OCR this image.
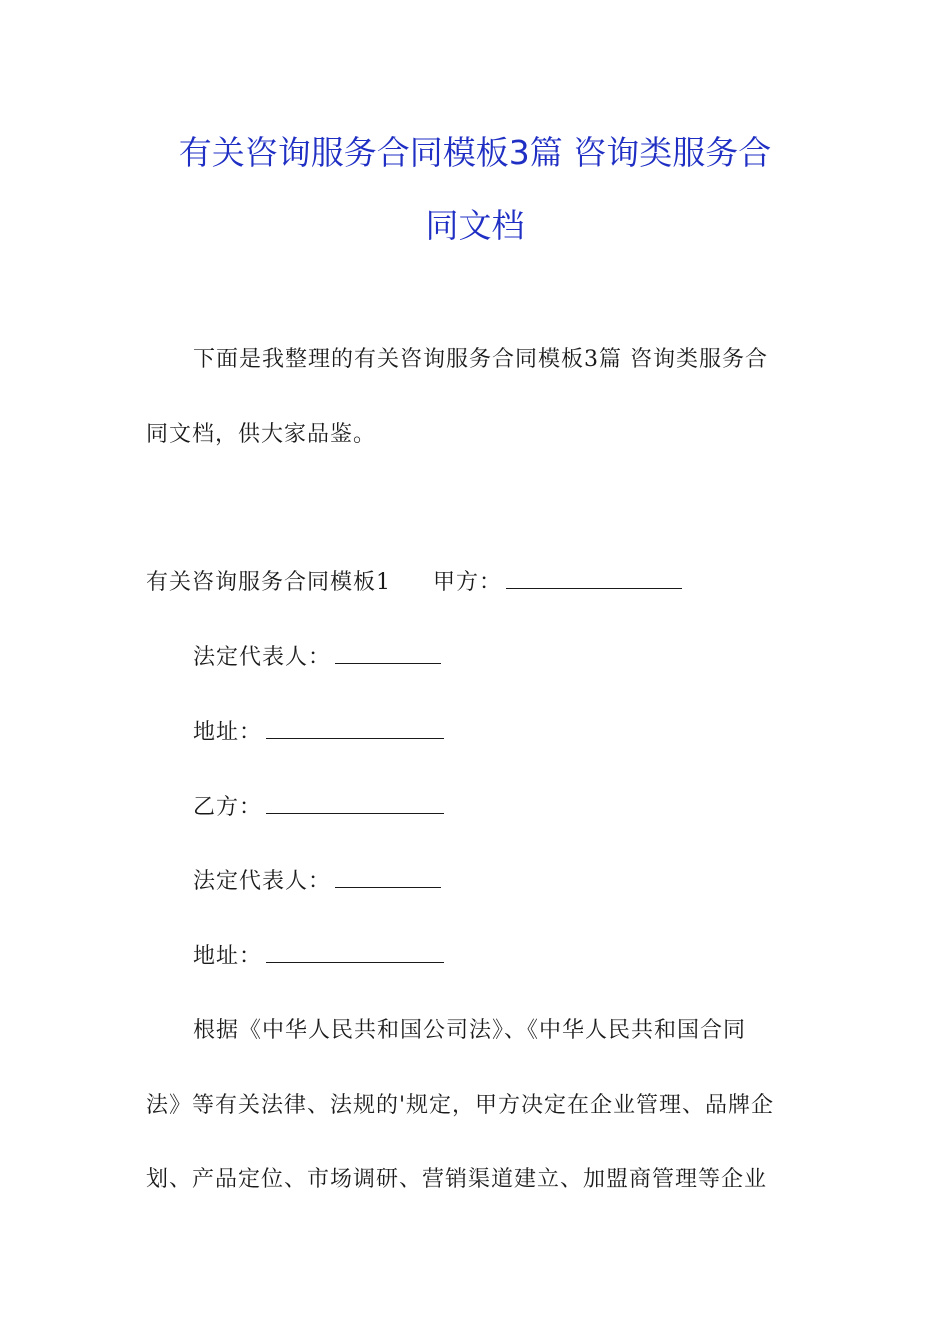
有关咨询服务合同模板3篇 咨询类服务合
同文档
下面是我整理的有关咨询服务合同模板3篇 咨询类服务合
同文档，供大家品鉴。
有关咨询服务合同模板1 甲方：
法定代表人：
地址：
乙方：
法定代表人：
地址：
根据《中华人民共和国公司法》、《中华人民共和国合同
法》等有关法律、法规的'规定，甲方决定在企业管理、品牌企
划、产品定位、市场调研、营销渠道建立、加盟商管理等企业
